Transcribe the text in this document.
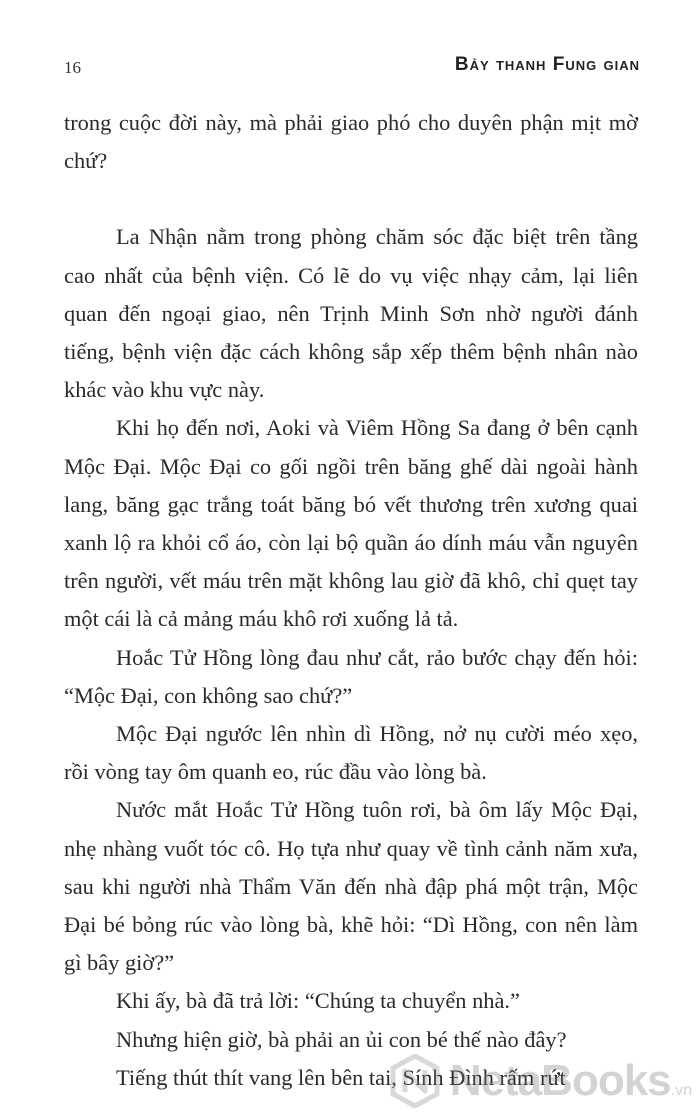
16	Bảy thanh Fung gian

trong cuộc đời này, mà phải giao phó cho duyên phận mịt mờ chứ?

La Nhận nằm trong phòng chăm sóc đặc biệt trên tầng cao nhất của bệnh viện. Có lẽ do vụ việc nhạy cảm, lại liên quan đến ngoại giao, nên Trịnh Minh Sơn nhờ người đánh tiếng, bệnh viện đặc cách không sắp xếp thêm bệnh nhân nào khác vào khu vực này.

Khi họ đến nơi, Aoki và Viêm Hồng Sa đang ở bên cạnh Mộc Đại. Mộc Đại co gối ngồi trên băng ghế dài ngoài hành lang, băng gạc trắng toát băng bó vết thương trên xương quai xanh lộ ra khỏi cổ áo, còn lại bộ quần áo dính máu vẫn nguyên trên người, vết máu trên mặt không lau giờ đã khô, chỉ quẹt tay một cái là cả mảng máu khô rơi xuống lả tả.

Hoắc Tử Hồng lòng đau như cắt, rảo bước chạy đến hỏi: “Mộc Đại, con không sao chứ?”

Mộc Đại ngước lên nhìn dì Hồng, nở nụ cười méo xẹo, rồi vòng tay ôm quanh eo, rúc đầu vào lòng bà.

Nước mắt Hoắc Tử Hồng tuôn rơi, bà ôm lấy Mộc Đại, nhẹ nhàng vuốt tóc cô. Họ tựa như quay về tình cảnh năm xưa, sau khi người nhà Thẩm Văn đến nhà đập phá một trận, Mộc Đại bé bỏng rúc vào lòng bà, khẽ hỏi: “Dì Hồng, con nên làm gì bây giờ?”

Khi ấy, bà đã trả lời: “Chúng ta chuyển nhà.”

Nhưng hiện giờ, bà phải an ủi con bé thế nào đây?

Tiếng thút thít vang lên bên tai, Sính Đình rấm rứt

NetaBooks.vn
